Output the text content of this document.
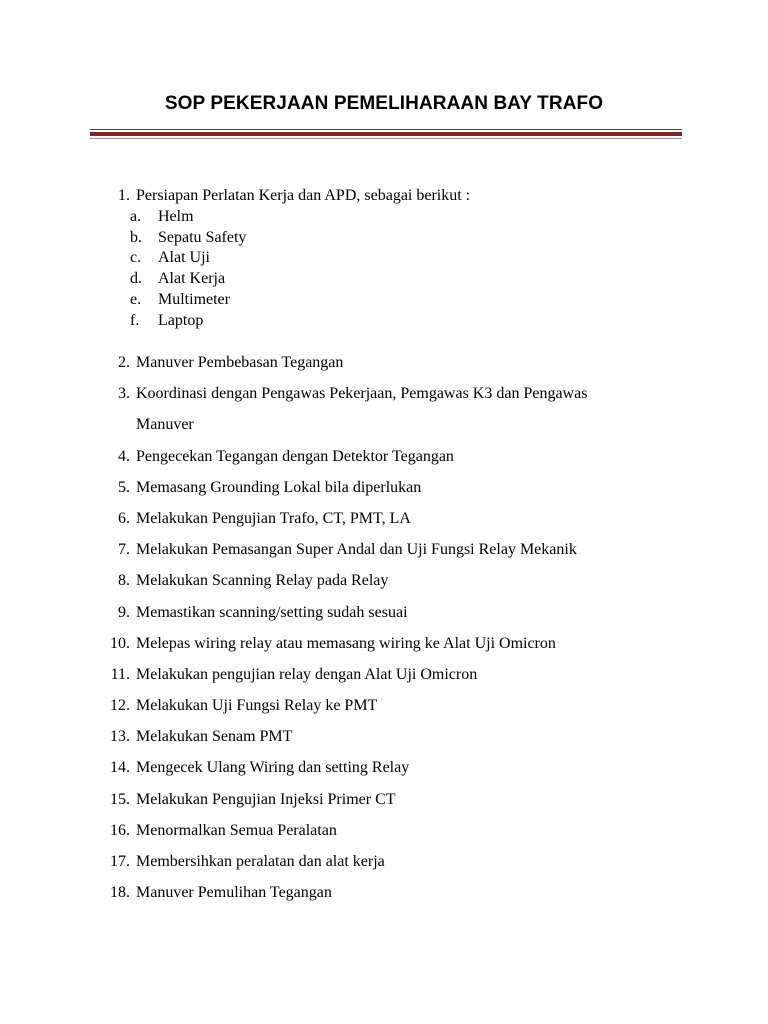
SOP PEKERJAAN PEMELIHARAAN BAY TRAFO
1. Persiapan Perlatan Kerja dan APD, sebagai berikut :
a. Helm
b. Sepatu Safety
c. Alat Uji
d. Alat Kerja
e. Multimeter
f. Laptop
2. Manuver Pembebasan Tegangan
3. Koordinasi dengan Pengawas Pekerjaan, Pemgawas K3 dan Pengawas
Manuver
4. Pengecekan Tegangan dengan Detektor Tegangan
5. Memasang Grounding Lokal bila diperlukan
6. Melakukan Pengujian Trafo, CT, PMT, LA
7. Melakukan Pemasangan Super Andal dan Uji Fungsi Relay Mekanik
8. Melakukan Scanning Relay pada Relay
9. Memastikan scanning/setting sudah sesuai
10. Melepas wiring relay atau memasang wiring ke Alat Uji Omicron
11. Melakukan pengujian relay dengan Alat Uji Omicron
12. Melakukan Uji Fungsi Relay ke PMT
13. Melakukan Senam PMT
14. Mengecek Ulang Wiring dan setting Relay
15. Melakukan Pengujian Injeksi Primer CT
16. Menormalkan Semua Peralatan
17. Membersihkan peralatan dan alat kerja
18. Manuver Pemulihan Tegangan
